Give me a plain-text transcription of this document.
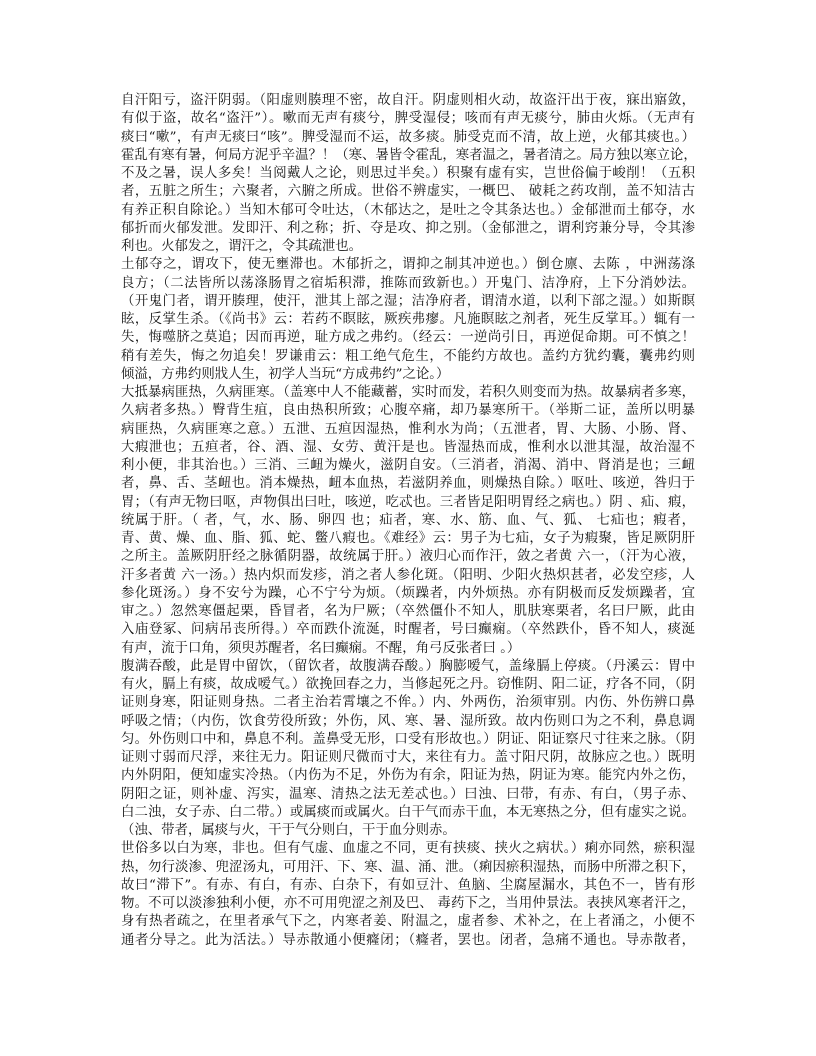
自汗阳亏，盗汗阴弱。（阳虚则腠理不密，故自汗。阴虚则相火动，故盗汗出于夜，寐出寤敛，
有似于盗，故名“盗汗”）。嗽而无声有痰兮，脾受湿侵；咳而有声无痰兮，肺由火烁。（无声有
痰曰“嗽”，有声无痰曰“咳”。脾受湿而不运，故多痰。肺受克而不清，故上逆，火郁其痰也。）
霍乱有寒有暑，何局方泥乎辛温？！（寒、暑皆令霍乱，寒者温之，暑者清之。局方独以寒立论，
不及之暑，误人多矣！当阅戴人之论，则思过半矣。）积聚有虚有实，岂世俗偏于峻削！（五积
者，五脏之所生；六聚者，六腑之所成。世俗不辨虚实，一概巴、 破耗之药攻削，盖不知洁古
有养正积自除论。）当知木郁可令吐达，（木郁达之，是吐之令其条达也。）金郁泄而土郁夺，水
郁折而火郁发泄。发即汗、利之称；折、夺是攻、抑之别。（金郁泄之，谓利窍兼分导，令其渗
利也。火郁发之，谓汗之，令其疏泄也。
土郁夺之，谓攻下，使无壅滞也。木郁折之，谓抑之制其冲逆也。）倒仓廪、去陈 ，中洲荡涤
良方；（二法皆所以荡涤肠胃之宿垢积滞，推陈而致新也。）开鬼门、洁净府，上下分消妙法。
（开鬼门者，谓开腠理，使汗，泄其上部之湿；洁净府者，谓清水道，以利下部之湿。）如斯瞑
眩，反掌生杀。（《尚书》云：若药不瞑眩，厥疾弗瘳。凡施瞑眩之剂者，死生反掌耳。）辄有一
失，悔噬脐之莫追；因而再逆，耻方成之弗约。（经云：一逆尚引日，再逆促命期。可不慎之！
稍有差失，悔之勿追矣！罗谦甫云：粗工绝气危生，不能约方故也。盖约方犹约囊，囊弗约则
倾溢，方弗约则戕人生，初学人当玩“方成弗约”之论。）
大抵暴病匪热，久病匪寒。（盖寒中人不能藏蓄，实时而发，若积久则变而为热。故暴病者多寒，
久病者多热。）臀背生疽，良由热积所致；心腹卒痛，却乃暴寒所干。（举斯二证，盖所以明暴
病匪热，久病匪寒之意。）五泄、五疸因湿热，惟利水为尚；（五泄者，胃、大肠、小肠、肾、
大瘕泄也；五疸者，谷、酒、湿、女劳、黄汗是也。皆湿热而成，惟利水以泄其湿，故治湿不
利小便，非其治也。）三消、三衄为燥火，滋阴自安。（三消者，消渴、消中、肾消是也；三衄
者，鼻、舌、茎衄也。消本燥热，衄本血热，若滋阴养血，则燥热自除。）呕吐、咳逆，咎归于
胃；（有声无物曰呕，声物俱出曰吐，咳逆，吃忒也。三者皆足阳明胃经之病也。）阴 、疝、瘕，
统属于肝。（ 者，气，水、肠、卵四 也；疝者，寒、水、筋、血、气、狐、 七疝也；瘕者，
青、黄、燥、血、脂、狐、蛇、鳖八瘕也。《难经》云：男子为七疝，女子为瘕聚，皆足厥阴肝
之所主。盖厥阴肝经之脉循阴器，故统属于肝。）液归心而作汗，敛之者黄 六一，（汗为心液，
汗多者黄 六一汤。）热内炽而发疹，消之者人参化斑。（阳明、少阳火热炽甚者，必发空疹，人
参化斑汤。）身不安兮为躁，心不宁兮为烦。（烦躁者，内外烦热。亦有阴极而反发烦躁者，宜
审之。）忽然寒僵起栗，昏冒者，名为尸厥；（卒然僵仆不知人，肌肤寒栗者，名曰尸厥，此由
入庙登冢、问病吊丧所得。）卒而跌仆流涎，时醒者，号曰癫痫。（卒然跌仆，昏不知人，痰涎
有声，流于口角，须臾苏醒者，名曰癫痫。不醒，角弓反张者曰 。）
腹满吞酸，此是胃中留饮，（留饮者，故腹满吞酸。）胸膨嗳气，盖缘膈上停痰。（丹溪云：胃中
有火，膈上有痰，故成嗳气。）欲挽回春之力，当修起死之丹。窃惟阴、阳二证，疗各不同，（阴
证则身寒，阳证则身热。二者主治若霄壤之不侔。）内、外两伤，治须审别。内伤、外伤辨口鼻
呼吸之情；（内伤，饮食劳役所致；外伤，风、寒、暑、湿所致。故内伤则口为之不利，鼻息调
匀。外伤则口中和，鼻息不利。盖鼻受无形，口受有形故也。）阴证、阳证察尺寸往来之脉。（阴
证则寸弱而尺浮，来往无力。阳证则尺微而寸大，来往有力。盖寸阳尺阴，故脉应之也。）既明
内外阴阳，便知虚实冷热。（内伤为不足，外伤为有余，阳证为热，阴证为寒。能究内外之伤，
阴阳之证，则补虚、泻实，温寒、清热之法无差忒也。）曰浊、曰带，有赤、有白，（男子赤、
白二浊，女子赤、白二带。）或属痰而或属火。白干气而赤干血，本无寒热之分，但有虚实之说。
（浊、带者，属痰与火，干于气分则白，干于血分则赤。
世俗多以白为寒，非也。但有气虚、血虚之不同，更有挟痰、挟火之病状。）痢亦同然，瘀积湿
热，勿行淡渗、兜涩汤丸，可用汗、下、寒、温、涌、泄。（痢因瘀积湿热，而肠中所滞之积下，
故曰“滞下”。有赤、有白，有赤、白杂下，有如豆汁、鱼脑、尘腐屋漏水，其色不一，皆有形
物。不可以淡渗独利小便，亦不可用兜涩之剂及巴、 毒药下之，当用仲景法。表挟风寒者汗之，
身有热者疏之，在里者承气下之，内寒者姜、附温之，虚者参、术补之，在上者涌之，小便不
通者分导之。此为活法。）导赤散通小便癃闭；（癃者，罢也。闭者，急痛不通也。导赤散者，
